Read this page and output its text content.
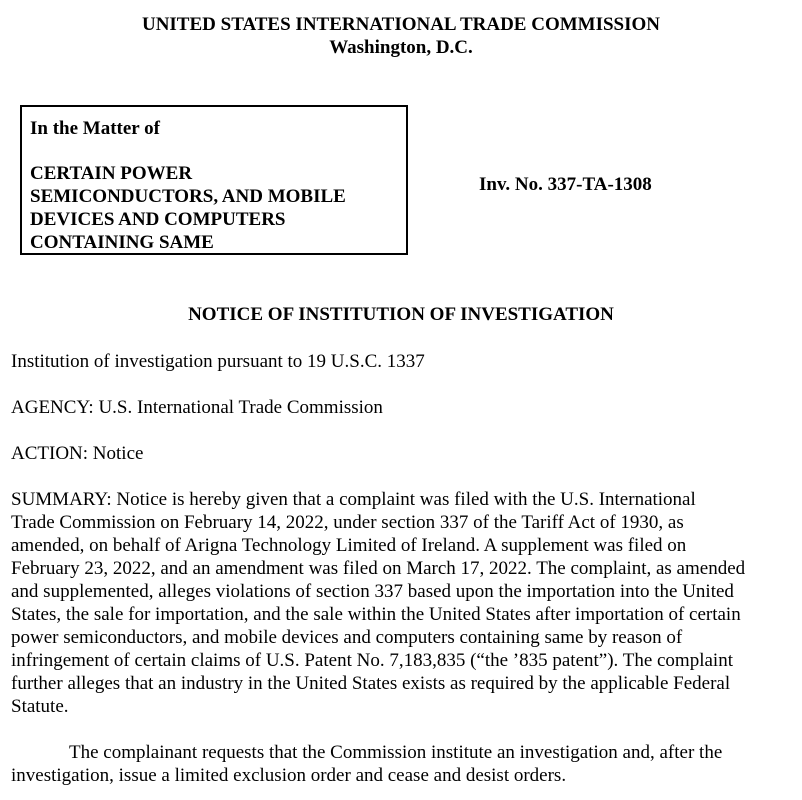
UNITED STATES INTERNATIONAL TRADE COMMISSION
Washington, D.C.
In the Matter of
CERTAIN POWER
SEMICONDUCTORS, AND MOBILE
DEVICES AND COMPUTERS
CONTAINING SAME
Inv. No. 337-TA-1308
NOTICE OF INSTITUTION OF INVESTIGATION
Institution of investigation pursuant to 19 U.S.C. 1337
AGENCY: U.S. International Trade Commission
ACTION: Notice
SUMMARY: Notice is hereby given that a complaint was filed with the U.S. International
Trade Commission on February 14, 2022, under section 337 of the Tariff Act of 1930, as
amended, on behalf of Arigna Technology Limited of Ireland. A supplement was filed on
February 23, 2022, and an amendment was filed on March 17, 2022. The complaint, as amended
and supplemented, alleges violations of section 337 based upon the importation into the United
States, the sale for importation, and the sale within the United States after importation of certain
power semiconductors, and mobile devices and computers containing same by reason of
infringement of certain claims of U.S. Patent No. 7,183,835 (“the ’835 patent”). The complaint
further alleges that an industry in the United States exists as required by the applicable Federal
Statute.
The complainant requests that the Commission institute an investigation and, after the
investigation, issue a limited exclusion order and cease and desist orders.
